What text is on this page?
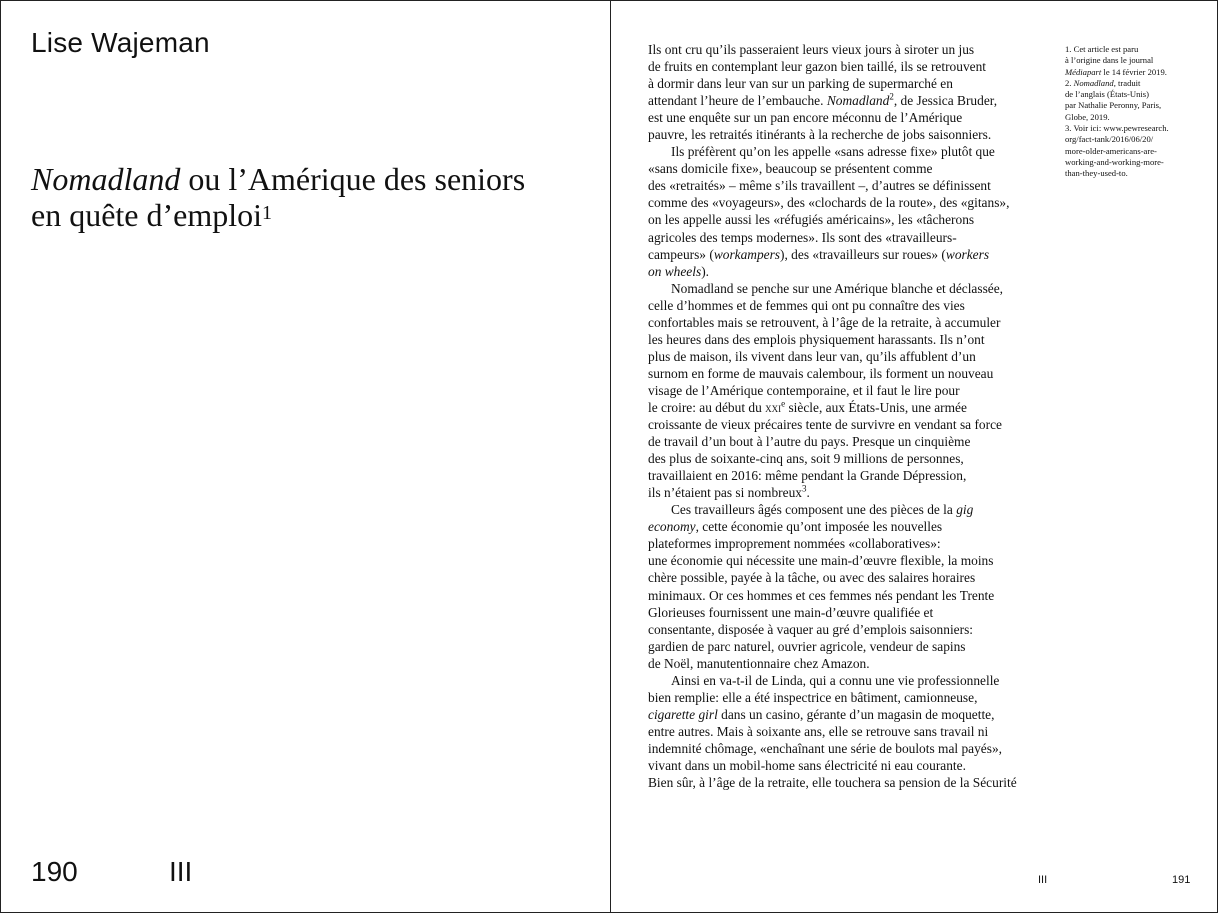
Lise Wajeman
Nomadland ou l’Amérique des seniors
en quête d’emploi$^1$
190	III
Ils ont cru qu’ils passeraient leurs vieux jours à siroter un jus
de fruits en contemplant leur gazon bien taillé, ils se retrouvent
à dormir dans leur van sur un parking de supermarché en
attendant l’heure de l’embauche. Nomadland$^2$, de Jessica Bruder,
est une enquête sur un pan encore méconnu de l’Amérique
pauvre, les retraités itinérants à la recherche de jobs saisonniers.
Ils préfèrent qu’on les appelle «sans adresse fixe» plutôt que
«sans domicile fixe», beaucoup se présentent comme
des «retraités» – même s’ils travaillent –, d’autres se définissent
comme des «voyageurs», des «clochards de la route», des «gitans»,
on les appelle aussi les «réfugiés américains», les «tâcherons
agricoles des temps modernes». Ils sont des «travailleurs-
campeurs» (workampers), des «travailleurs sur roues» (workers
on wheels).
Nomadland se penche sur une Amérique blanche et déclassée,
celle d’hommes et de femmes qui ont pu connaître des vies
confortables mais se retrouvent, à l’âge de la retraite, à accumuler
les heures dans des emplois physiquement harassants. Ils n’ont
plus de maison, ils vivent dans leur van, qu’ils affublent d’un
surnom en forme de mauvais calembour, ils forment un nouveau
visage de l’Amérique contemporaine, et il faut le lire pour
le croire: au début du xxi$^e$ siècle, aux États-Unis, une armée
croissante de vieux précaires tente de survivre en vendant sa force
de travail d’un bout à l’autre du pays. Presque un cinquième
des plus de soixante-cinq ans, soit 9 millions de personnes,
travaillaient en 2016: même pendant la Grande Dépression,
ils n’étaient pas si nombreux$^3$.
Ces travailleurs âgés composent une des pièces de la gig
economy, cette économie qu’ont imposée les nouvelles
plateformes improprement nommées «collaboratives»:
une économie qui nécessite une main-d’œuvre flexible, la moins
chère possible, payée à la tâche, ou avec des salaires horaires
minimaux. Or ces hommes et ces femmes nés pendant les Trente
Glorieuses fournissent une main-d’œuvre qualifiée et
consentante, disposée à vaquer au gré d’emplois saisonniers:
gardien de parc naturel, ouvrier agricole, vendeur de sapins
de Noël, manutentionnaire chez Amazon.
Ainsi en va-t-il de Linda, qui a connu une vie professionnelle
bien remplie: elle a été inspectrice en bâtiment, camionneuse,
cigarette girl dans un casino, gérante d’un magasin de moquette,
entre autres. Mais à soixante ans, elle se retrouve sans travail ni
indemnité chômage, «enchaînant une série de boulots mal payés»,
vivant dans un mobil-home sans électricité ni eau courante.
Bien sûr, à l’âge de la retraite, elle touchera sa pension de la Sécurité
1. Cet article est paru
à l’origine dans le journal
Médiapart le 14 février 2019.
2. Nomadland, traduit
de l’anglais (États-Unis)
par Nathalie Peronny, Paris,
Globe, 2019.
3. Voir ici: www.pewresearch.
org/fact-tank/2016/06/20/
more-older-americans-are-
working-and-working-more-
than-they-used-to.
III	191
